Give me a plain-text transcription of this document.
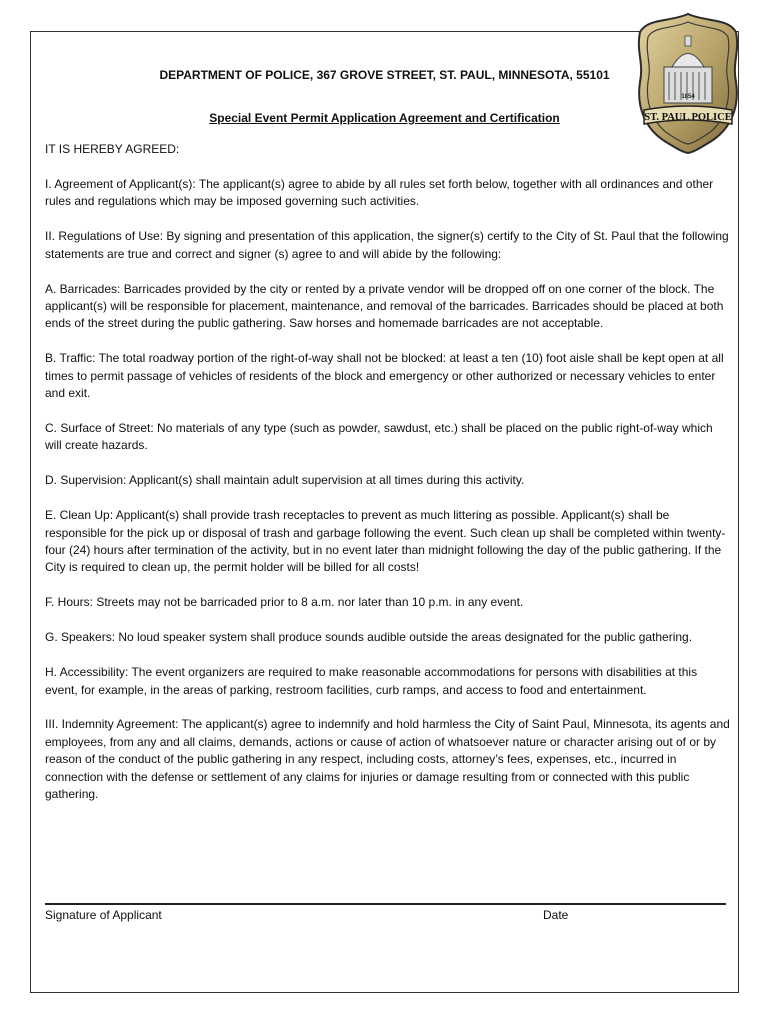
1854
ST. PAUL POLICE
DEPARTMENT OF POLICE, 367 GROVE STREET, ST. PAUL, MINNESOTA, 55101
Special Event Permit Application Agreement and Certification

IT IS HEREBY AGREED:

I. Agreement of Applicant(s): The applicant(s) agree to abide by all rules set forth below, together with all ordinances and other rules and regulations which may be imposed governing such activities.

II. Regulations of Use: By signing and presentation of this application, the signer(s) certify to the City of St. Paul that the following statements are true and correct and signer (s) agree to and will abide by the following:

A. Barricades: Barricades provided by the city or rented by a private vendor will be dropped off on one corner of the block. The applicant(s) will be responsible for placement, maintenance, and removal of the barricades. Barricades should be placed at both ends of the street during the public gathering. Saw horses and homemade barricades are not acceptable.

B. Traffic: The total roadway portion of the right-of-way shall not be blocked: at least a ten (10) foot aisle shall be kept open at all times to permit passage of vehicles of residents of the block and emergency or other authorized or necessary vehicles to enter and exit.

C. Surface of Street: No materials of any type (such as powder, sawdust, etc.) shall be placed on the public right-of-way which will create hazards.

D. Supervision: Applicant(s) shall maintain adult supervision at all times during this activity.

E. Clean Up: Applicant(s) shall provide trash receptacles to prevent as much littering as possible. Applicant(s) shall be responsible for the pick up or disposal of trash and garbage following the event. Such clean up shall be completed within twenty-four (24) hours after termination of the activity, but in no event later than midnight following the day of the public gathering. If the City is required to clean up, the permit holder will be billed for all costs!

F. Hours: Streets may not be barricaded prior to 8 a.m. nor later than 10 p.m. in any event.

G. Speakers: No loud speaker system shall produce sounds audible outside the areas designated for the public gathering.

H. Accessibility: The event organizers are required to make reasonable accommodations for persons with disabilities at this event, for example, in the areas of parking, restroom facilities, curb ramps, and access to food and entertainment.

III. Indemnity Agreement: The applicant(s) agree to indemnify and hold harmless the City of Saint Paul, Minnesota, its agents and employees, from any and all claims, demands, actions or cause of action of whatsoever nature or character arising out of or by reason of the conduct of the public gathering in any respect, including costs, attorney’s fees, expenses, etc., incurred in connection with the defense or settlement of any claims for injuries or damage resulting from or connected with this public gathering.

Signature of Applicant	Date
